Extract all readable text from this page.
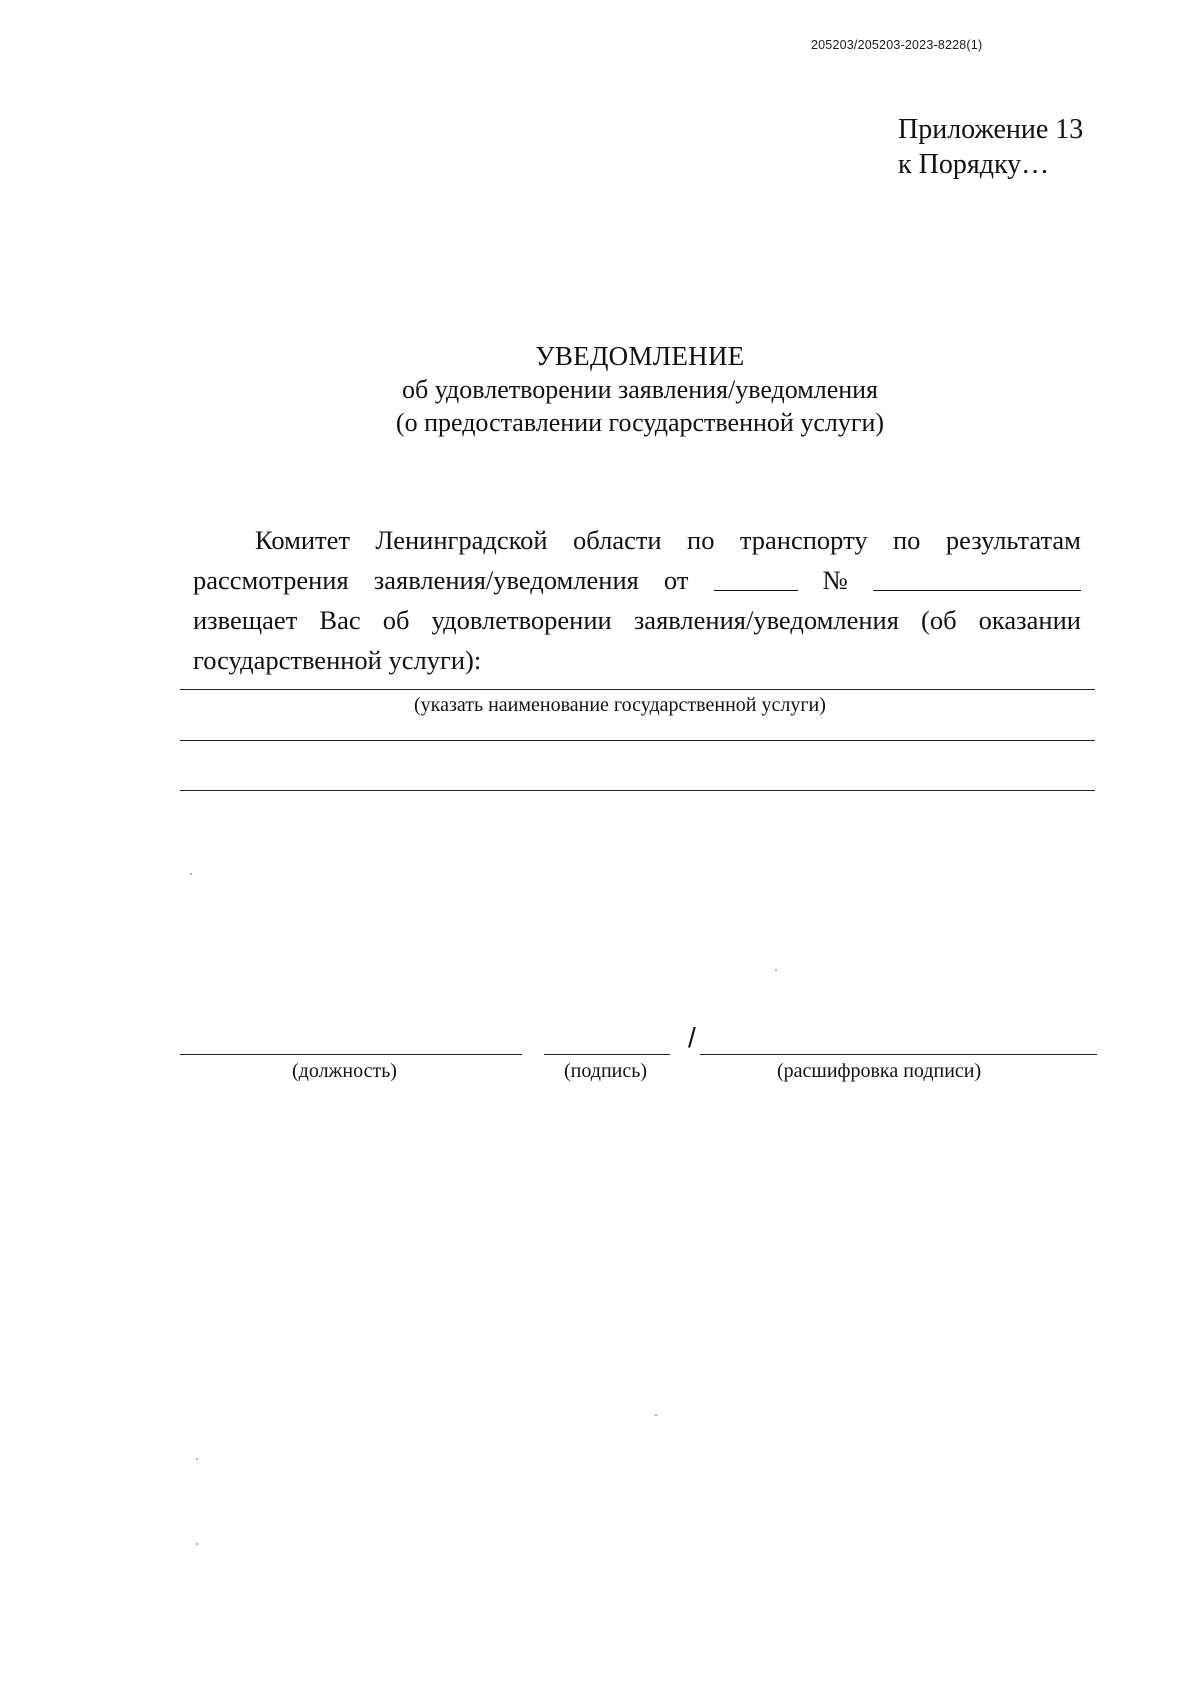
205203/205203-2023-8228(1)
Приложение 13
к Порядку…
УВЕДОМЛЕНИЕ
об удовлетворении заявления/уведомления
(о предоставлении государственной услуги)
Комитет Ленинградской области по транспорту по результатам
рассмотрения заявления/уведомления от	№
извещает Вас об удовлетворении заявления/уведомления (об оказании
государственной услуги):
(указать наименование государственной услуги)
/
(должность)	(подпись)	(расшифровка подписи)
